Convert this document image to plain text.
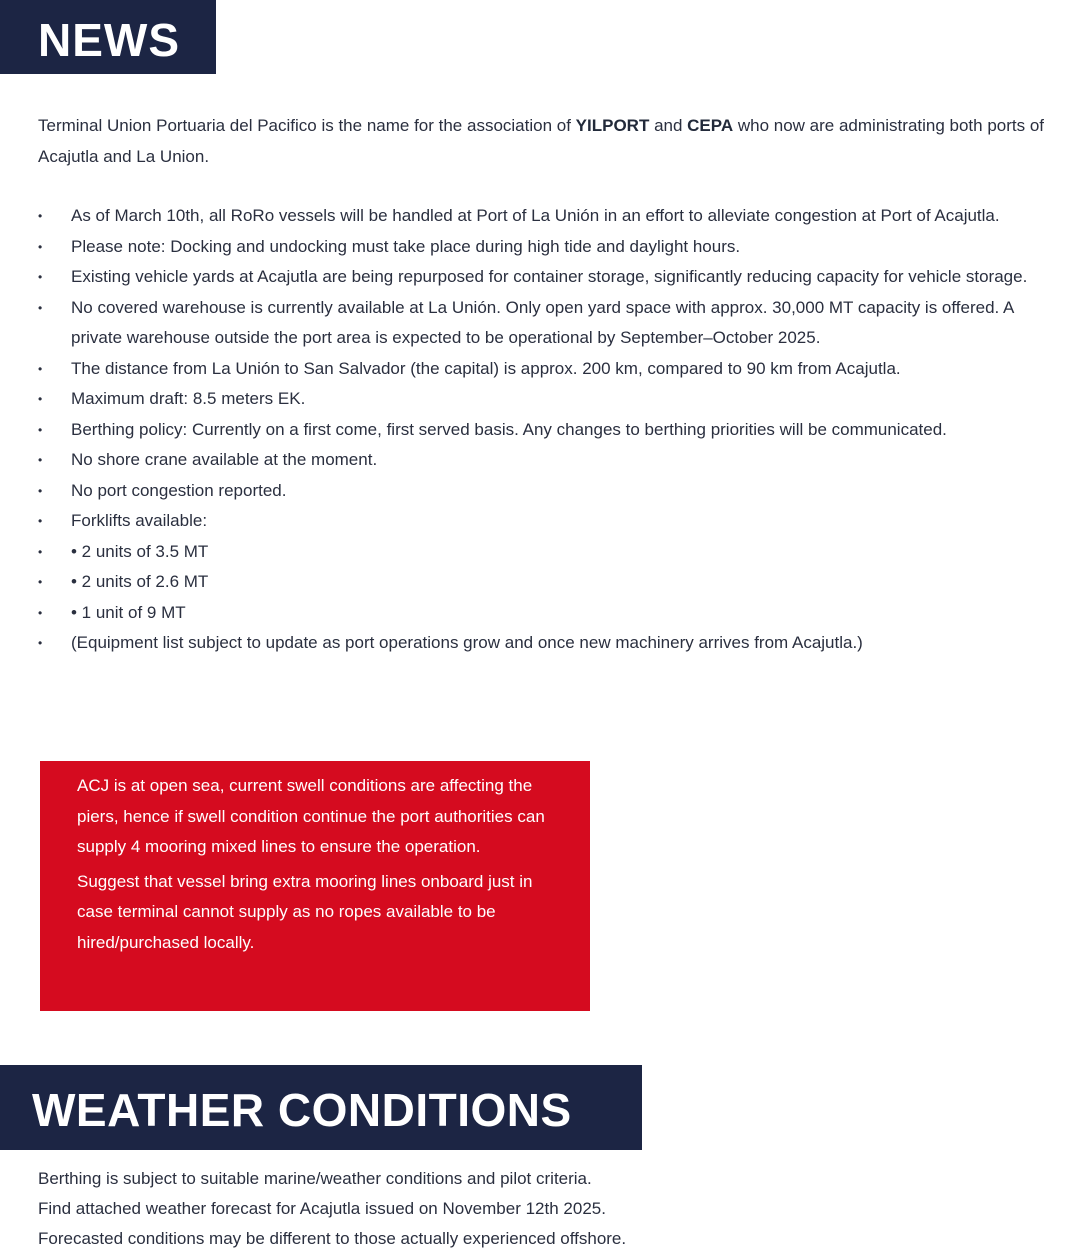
NEWS

Terminal Union Portuaria del Pacifico is the name for the association of YILPORT and CEPA who now are administrating both ports of Acajutla and La Union.

• As of March 10th, all RoRo vessels will be handled at Port of La Unión in an effort to alleviate congestion at Port of Acajutla.
• Please note: Docking and undocking must take place during high tide and daylight hours.
• Existing vehicle yards at Acajutla are being repurposed for container storage, significantly reducing capacity for vehicle storage.
• No covered warehouse is currently available at La Unión. Only open yard space with approx. 30,000 MT capacity is offered. A private warehouse outside the port area is expected to be operational by September–October 2025.
• The distance from La Unión to San Salvador (the capital) is approx. 200 km, compared to 90 km from Acajutla.
• Maximum draft: 8.5 meters EK.
• Berthing policy: Currently on a first come, first served basis. Any changes to berthing priorities will be communicated.
• No shore crane available at the moment.
• No port congestion reported.
• Forklifts available:
• • 2 units of 3.5 MT
• • 2 units of 2.6 MT
• • 1 unit of 9 MT
• (Equipment list subject to update as port operations grow and once new machinery arrives from Acajutla.)

ACJ is at open sea, current swell conditions are affecting the piers, hence if swell condition continue the port authorities can supply 4 mooring mixed lines to ensure the operation.

Suggest that vessel bring extra mooring lines onboard just in case terminal cannot supply as no ropes available to be hired/purchased locally.

WEATHER CONDITIONS
Berthing is subject to suitable marine/weather conditions and pilot criteria.
Find attached weather forecast for Acajutla issued on November 12th 2025.
Forecasted conditions may be different to those actually experienced offshore.
